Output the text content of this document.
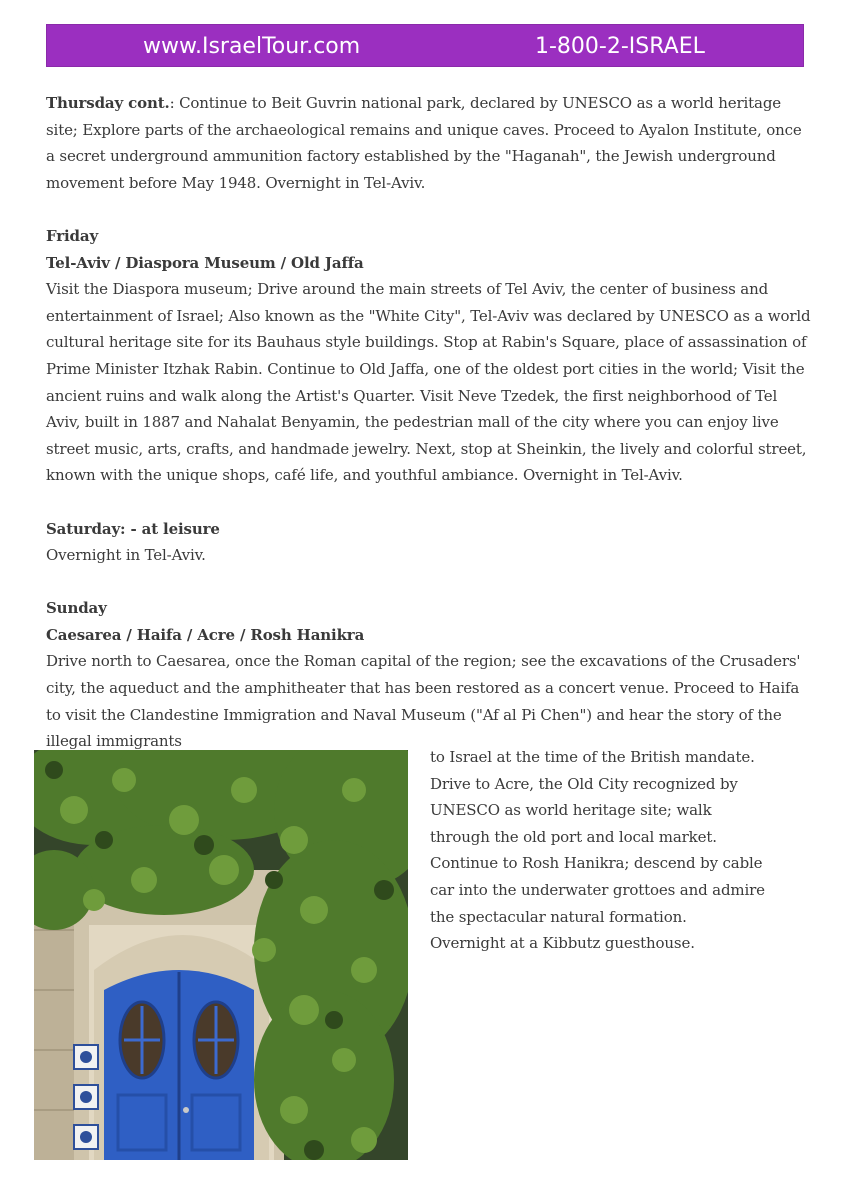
www.IsraelTour.com	1-800-2-ISRAEL

Thursday cont.: Continue to Beit Guvrin national park, declared by UNESCO as a world heritage site; Explore parts of the archaeological remains and unique caves. Proceed to Ayalon Institute, once a secret underground ammunition factory established by the "Haganah", the Jewish underground movement before May 1948. Overnight in Tel-Aviv.

Friday

Tel-Aviv / Diaspora Museum / Old Jaffa

Visit the Diaspora museum; Drive around the main streets of Tel Aviv, the center of business and entertainment of Israel; Also known as the "White City", Tel-Aviv was declared by UNESCO as a world cultural heritage site for its Bauhaus style buildings. Stop at Rabin's Square, place of assassination of Prime Minister Itzhak Rabin. Continue to Old Jaffa, one of the oldest port cities in the world; Visit the ancient ruins and walk along the Artist's Quarter. Visit Neve Tzedek, the first neighborhood of Tel Aviv, built in 1887 and Nahalat Benyamin, the pedestrian mall of the city where you can enjoy live street music, arts, crafts, and handmade jewelry. Next, stop at Sheinkin, the lively and colorful street, known with the unique shops, café life, and youthful ambiance. Overnight in Tel-Aviv.

Saturday: - at leisure

Overnight in Tel-Aviv.

Sunday

Caesarea / Haifa / Acre / Rosh Hanikra

Drive north to Caesarea, once the Roman capital of the region; see the excavations of the Crusaders' city, the aqueduct and the amphitheater that has been restored as a concert venue. Proceed to Haifa to visit the Clandestine Immigration and Naval Museum ("Af al Pi Chen") and hear the story of the illegal immigrants

to Israel at the time of the British mandate.

Drive to Acre, the Old City recognized by

UNESCO as world heritage site; walk

through the old port and local market.

Continue to Rosh Hanikra; descend by cable

car into the underwater grottoes and admire

the spectacular natural formation.

Overnight at a Kibbutz guesthouse.
